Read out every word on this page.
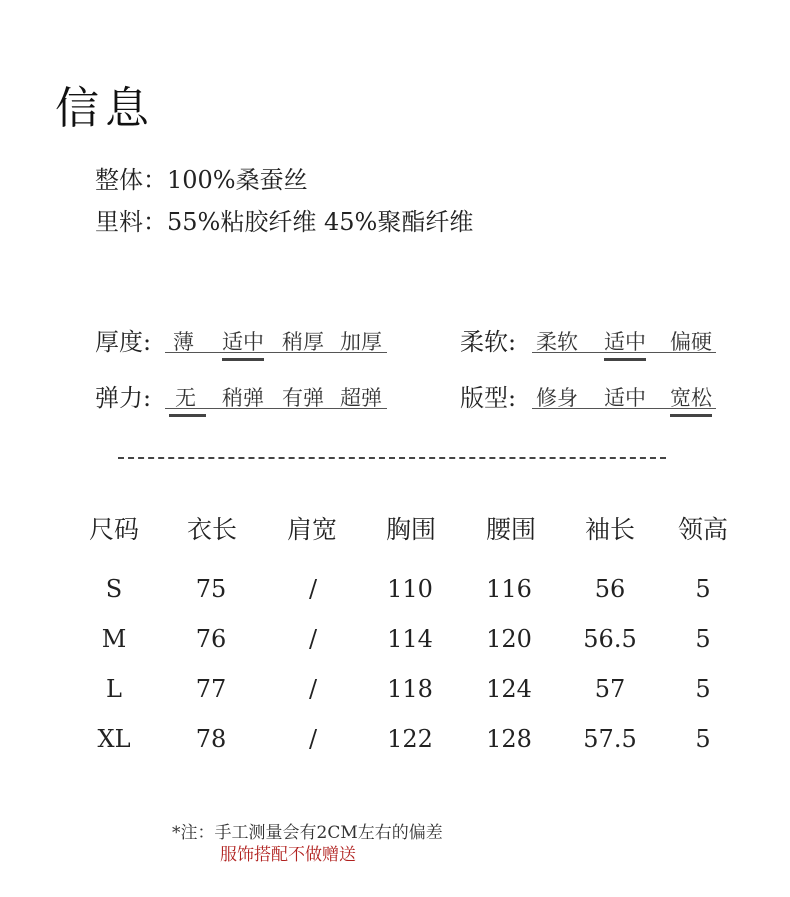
信息
整体：100%桑蚕丝
里料：55%粘胶纤维 45%聚酯纤维
厚度: 薄 适中 稍厚 加厚	柔软: 柔软 适中 偏硬
弹力: 无 稍弹 有弹 超弹	版型: 修身 适中 宽松
尺码 衣长 肩宽 胸围 腰围 袖长 领高
S	75	/	110 116	56	5
M	76	/	114 120 56.5 5
L	77	/	118 124	57	5
XL	78	/	122 128 57.5 5
*注：手工测量会有2CM左右的偏差
服饰搭配不做赠送
